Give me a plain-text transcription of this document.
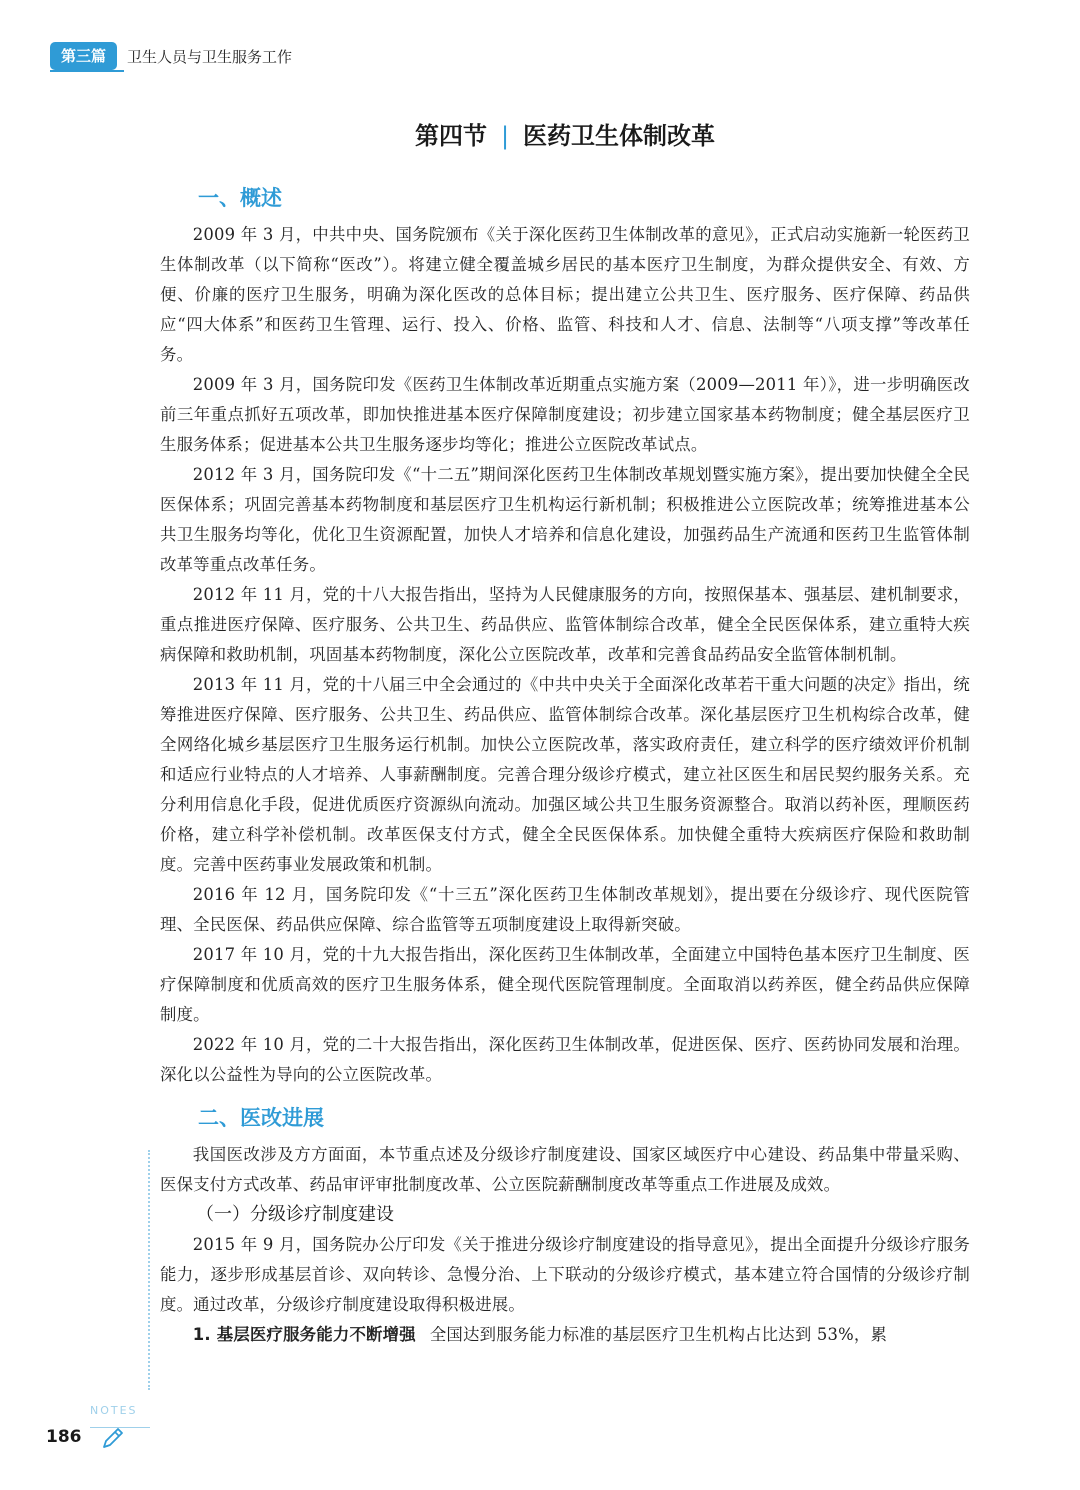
第三篇	卫生人员与卫生服务工作
第四节 | 医药卫生体制改革
一、概述

2009 年 3 月，中共中央、国务院颁布《关于深化医药卫生体制改革的意见》，正式启动实施新一轮医药卫生体制改革（以下简称“医改”）。将建立健全覆盖城乡居民的基本医疗卫生制度，为群众提供安全、有效、方便、价廉的医疗卫生服务，明确为深化医改的总体目标；提出建立公共卫生、医疗服务、医疗保障、药品供应“四大体系”和医药卫生管理、运行、投入、价格、监管、科技和人才、信息、法制等“八项支撑”等改革任务。

2009 年 3 月，国务院印发《医药卫生体制改革近期重点实施方案（2009—2011 年）》，进一步明确医改前三年重点抓好五项改革，即加快推进基本医疗保障制度建设；初步建立国家基本药物制度；健全基层医疗卫生服务体系；促进基本公共卫生服务逐步均等化；推进公立医院改革试点。

2012 年 3 月，国务院印发《“十二五”期间深化医药卫生体制改革规划暨实施方案》，提出要加快健全全民医保体系；巩固完善基本药物制度和基层医疗卫生机构运行新机制；积极推进公立医院改革；统筹推进基本公共卫生服务均等化，优化卫生资源配置，加快人才培养和信息化建设，加强药品生产流通和医药卫生监管体制改革等重点改革任务。

2012 年 11 月，党的十八大报告指出，坚持为人民健康服务的方向，按照保基本、强基层、建机制要求，重点推进医疗保障、医疗服务、公共卫生、药品供应、监管体制综合改革，健全全民医保体系，建立重特大疾病保障和救助机制，巩固基本药物制度，深化公立医院改革，改革和完善食品药品安全监管体制机制。

2013 年 11 月，党的十八届三中全会通过的《中共中央关于全面深化改革若干重大问题的决定》指出，统筹推进医疗保障、医疗服务、公共卫生、药品供应、监管体制综合改革。深化基层医疗卫生机构综合改革，健全网络化城乡基层医疗卫生服务运行机制。加快公立医院改革，落实政府责任，建立科学的医疗绩效评价机制和适应行业特点的人才培养、人事薪酬制度。完善合理分级诊疗模式，建立社区医生和居民契约服务关系。充分利用信息化手段，促进优质医疗资源纵向流动。加强区域公共卫生服务资源整合。取消以药补医，理顺医药价格，建立科学补偿机制。改革医保支付方式，健全全民医保体系。加快健全重特大疾病医疗保险和救助制度。完善中医药事业发展政策和机制。

2016 年 12 月，国务院印发《“十三五”深化医药卫生体制改革规划》，提出要在分级诊疗、现代医院管理、全民医保、药品供应保障、综合监管等五项制度建设上取得新突破。

2017 年 10 月，党的十九大报告指出，深化医药卫生体制改革，全面建立中国特色基本医疗卫生制度、医疗保障制度和优质高效的医疗卫生服务体系，健全现代医院管理制度。全面取消以药养医，健全药品供应保障制度。

2022 年 10 月，党的二十大报告指出，深化医药卫生体制改革，促进医保、医疗、医药协同发展和治理。深化以公益性为导向的公立医院改革。

二、医改进展

我国医改涉及方方面面，本节重点述及分级诊疗制度建设、国家区域医疗中心建设、药品集中带量采购、医保支付方式改革、药品审评审批制度改革、公立医院薪酬制度改革等重点工作进展及成效。

（一）分级诊疗制度建设

2015 年 9 月，国务院办公厅印发《关于推进分级诊疗制度建设的指导意见》，提出全面提升分级诊疗服务能力，逐步形成基层首诊、双向转诊、急慢分治、上下联动的分级诊疗模式，基本建立符合国情的分级诊疗制度。通过改革，分级诊疗制度建设取得积极进展。

1. 基层医疗服务能力不断增强 全国达到服务能力标准的基层医疗卫生机构占比达到 53%，累

NOTES
186
